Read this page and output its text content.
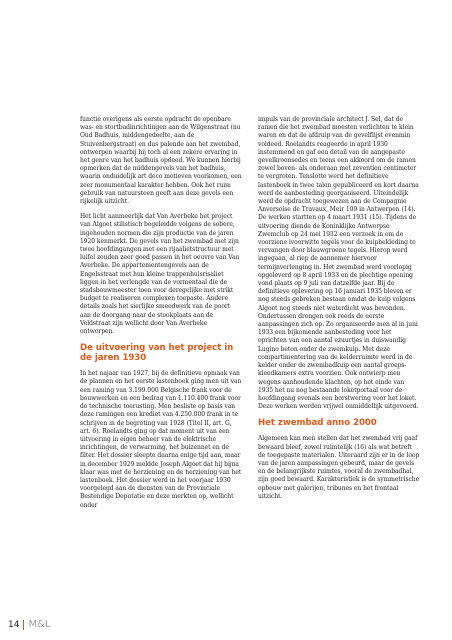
functie overigens als eerste opdracht de openbare was- en stortbadinrichtingen aan de Wilgenstraat (nu Oud Badhuis, middengedeelte, aan de Stuivenbergstraat) en dus palende aan het zwembad, ontwerpen waarbij hij toch al een zekere ervaring in het genre van het badhuis opdeed. We kunnen hierbij opmerken dat de middengevels van het badhuis, waarin onduidelijk art deco motieven voorkomen, een zeer monumentaal karakter hebben. Ook het ruim gebruik van natuursteen geeft aan deze gevels een rijkelijk uitzicht.

Het licht aanmeerlijk dat Van Averbeke het project van Algoet stilistisch begeleidde volgens de sobere, ingehouden normen die zijn productie van de jaren 1920 kenmerkt. De gevels van het zwembad met zijn twee hoofdingangen met een rijaalietstructuur met luifel zouden zeer goed passen in het oeuvre van Van Averbeke. De appartementengevels aan de Engelsstraat met hun kleine trappenhuisrisaliet liggen in het verlengde van de vormentaal die de stadsbouwmeester toen voor deregelijke met strikt budget te realiseren complexen toepaste. Andere details zoals het sierlijke smeedwerk van de poort aan de doorgang naar de stookplaats aan de Veldstraat zijn wellicht door Van Averbeke ontworpen.

De uitvoering van het project in de jaren 1930

In het najaar van 1927, bij de definitieve opmaak van de plannen en het eerste lastenboek ging men uit van een raming van 3.199.000 Belgische frank voor de bouwwerken en een bedrag van 1.110.400 frank voor de technische toerusting. Men besliste op basis van deze ramingen een krediet van 4.250.000 frank in te schrijven in de begroting van 1928 (Titel II, art. G, art. 6). Roelandts ging op dat moment uit van een uitvoering in eigen beheer van de elektrische inrichtingen, de verwarming, het buizennet en de filter. Het dossier sleepte daarna enige tijd aan, maar in december 1929 meldde Joseph Algoet dat hij bijna klaar was met de herziening en de herziening van het lastenboek. Het dossier werd in het voorjaar 1930 voorgelegd aan de diensten van de Provinciale Bestendige Deputatie en deze merkten op, wellicht onder

impuls van de provinciale architect J. Sel, dat de ramen die het zwembad moesten verlichten te klein waren en dat de afdruip van de gevelflijst evenmin voldeed. Roelandts reageerde in april 1930 instemmend en gaf een detail van de aangepaste gevelkroonsedes en teens een akkoord om de ramen zowel boven- als onderaan met zeventien centimeter te vergroten. Tenslotte werd het definitieve lastenboek in twee talen gepubliceerd en kort daarna werd de aanbesteding georganiseerd. Uiteindelijk werd de opdracht toegewezen aan de Compagnie Anversoise de Travaux, Meir 109 in Antwerpen (14). De werken startten op 4 maart 1931 (15). Tijdens de uitvoering diende de Koninklijke Antwerpse Zwemclub op 24 mei 1932 een verzoek in om de voorziene ivoorwitte tegels voor de kuipbekleding te vervangen door blauwgroene tegels. Hierop werd ingegaan, al riep de aannemer hiervoor termijnverlenging in. Het zwembad werd voorlopig opgeleverd op 8 april 1933 en de plechtige opening vond plaats op 9 juli van datzelfde jaar. Bij de definitieve oplevering op 16 januari 1935 bleven er nog steeds gebreken bestaan omdat de kuip volgens Algoet nog steeds niet waterdicht was bevonden. Ondertussen drongen ook reeds de eerste aanpassingen zich op. Zo organiseerde men al in juni 1933 een bijkomende aanbesteding voor het oprichten van een aantal ezuurtjes in duiswandig Lugino beton onder de zwemkuip. Met deze compartimentering van de kelderruimte werd in de kelder onder de zwembadkuip een aantal groeps-kleedkamers extra voorzien. Ook ontwierp men wegens aanhoudende klachten, op het einde van 1935 het nu nog bestaande loketportaal voor de hoofdingang evenals een borstwering voor het loket. Deze werken werden vrijwel onmiddellijk uitgevoerd.

Het zwembad anno 2000

Algemeen kan men stellen dat het zwembad vrij gaaf bewaard bleef, zowel ruimtelijk (16) als wat betreft de toegepaste materialen. Uiteraard zijn er in de loop van de jaren aanpassingen gebeurd, maar de gevels en de belangrijkste ruimtes, vooral de zwembadhal, zijn goed bewaard. Karakteristiek is de symmetrische opbouw met galerijen, tribunes en het frontaal uitzicht.

14 M&L
